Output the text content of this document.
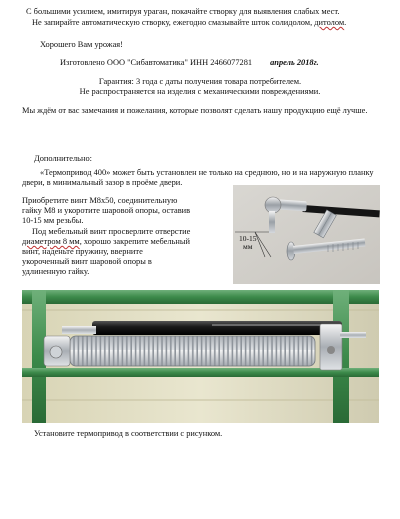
С большими усилием, имитируя ураган, покачайте створку для выявления слабых мест.
Не запирайте автоматическую створку, ежегодно смазывайте шток солидолом, дитолом.
Хорошего Вам урожая!
Изготовлено ООО "Сибавтоматика" ИНН 2466077281 апрель 2018г.
Гарантия: 3 года с даты получения товара потребителем.
Не распространяется на изделия с механическими повреждениями.
Мы ждём от вас замечания и пожелания, которые позволят сделать нашу продукцию ещё лучше.
Дополнительно:
«Термопривод 400» может быть установлен не только на среднюю, но и на наружную планку
двери, в минимальный зазор в проёме двери.
Приобретите винт М8х50, соединительную
гайку М8 и укоротите шаровой опоры, оставив
10-15 мм резьбы.
Под мебельный винт просверлите отверстие
диаметром 8 мм, хорошо закрепите мебельный
винт, наденьте пружину, вверните
укороченный винт шаровой опоры в
удлиненную гайку.
10-15
мм
Установите термопривод в соответствии с рисунком.
